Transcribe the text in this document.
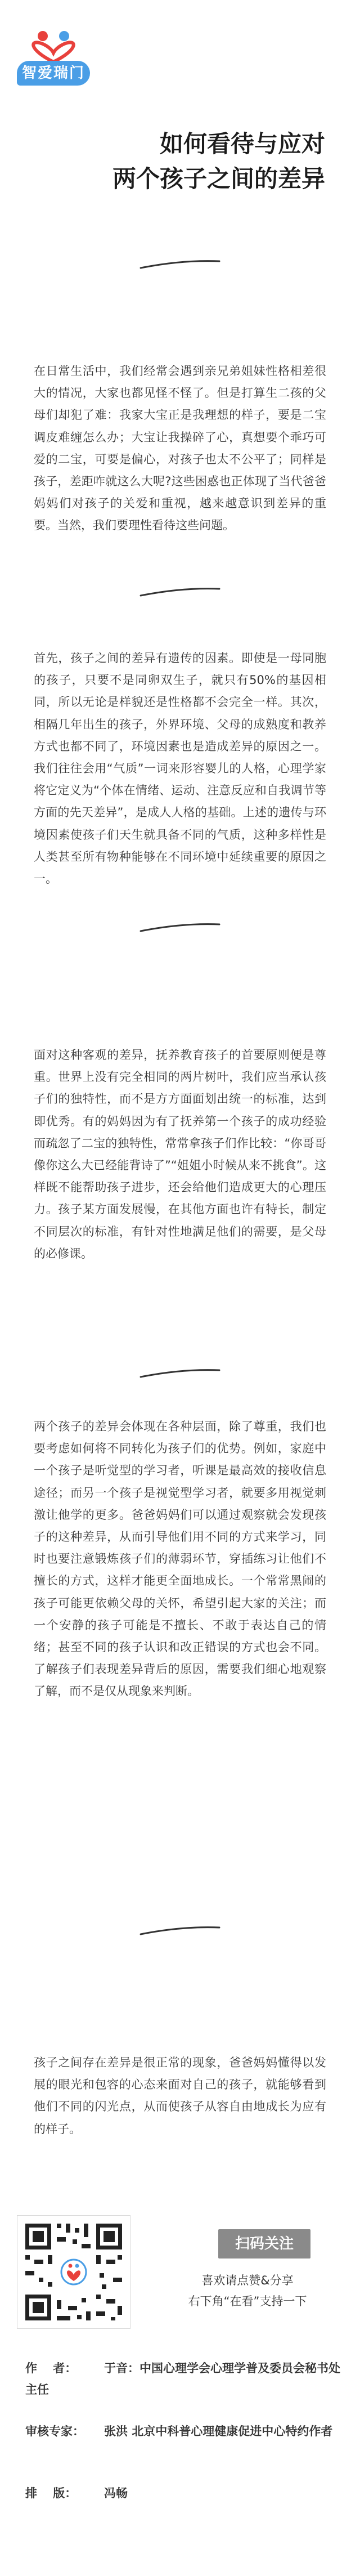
智爱瑞门
如何看待与应对
两个孩子之间的差异

在日常生活中，我们经常会遇到亲兄弟姐妹性格相差很大的情况，大家也都见怪不怪了。但是打算生二孩的父母们却犯了难：我家大宝正是我理想的样子，要是二宝调皮难缠怎么办；大宝让我操碎了心，真想要个乖巧可爱的二宝，可要是偏心，对孩子也太不公平了；同样是孩子，差距咋就这么大呢?这些困惑也正体现了当代爸爸妈妈们对孩子的关爱和重视，越来越意识到差异的重要。当然，我们要理性看待这些问题。

首先，孩子之间的差异有遗传的因素。即使是一母同胞的孩子，只要不是同卵双生子，就只有50%的基因相同，所以无论是样貌还是性格都不会完全一样。其次，相隔几年出生的孩子，外界环境、父母的成熟度和教养方式也都不同了，环境因素也是造成差异的原因之一。我们往往会用“气质”一词来形容婴儿的人格，心理学家将它定义为“个体在情绪、运动、注意反应和自我调节等方面的先天差异”，是成人人格的基础。上述的遗传与环境因素使孩子们天生就具备不同的气质，这种多样性是人类甚至所有物种能够在不同环境中延续重要的原因之一。

面对这种客观的差异，抚养教育孩子的首要原则便是尊重。世界上没有完全相同的两片树叶，我们应当承认孩子们的独特性，而不是方方面面划出统一的标准，达到即优秀。有的妈妈因为有了抚养第一个孩子的成功经验而疏忽了二宝的独特性，常常拿孩子们作比较：“你哥哥像你这么大已经能背诗了”“姐姐小时候从来不挑食”。这样既不能帮助孩子进步，还会给他们造成更大的心理压力。孩子某方面发展慢，在其他方面也许有特长，制定不同层次的标准，有针对性地满足他们的需要，是父母的必修课。

两个孩子的差异会体现在各种层面，除了尊重，我们也要考虑如何将不同转化为孩子们的优势。例如，家庭中一个孩子是听觉型的学习者，听课是最高效的接收信息途径；而另一个孩子是视觉型学习者，就要多用视觉刺激让他学的更多。爸爸妈妈们可以通过观察就会发现孩子的这种差异，从而引导他们用不同的方式来学习，同时也要注意锻炼孩子们的薄弱环节，穿插练习让他们不擅长的方式，这样才能更全面地成长。一个常常黑闹的孩子可能更依赖父母的关怀，希望引起大家的关注；而一个安静的孩子可能是不擅长、不敢于表达自己的情绪；甚至不同的孩子认识和改正错误的方式也会不同。了解孩子们表现差异背后的原因，需要我们细心地观察了解，而不是仅从现象来判断。

孩子之间存在差异是很正常的现象，爸爸妈妈懂得以发展的眼光和包容的心态来面对自己的孩子，就能够看到他们不同的闪光点，从而使孩子从容自由地成长为应有的样子。

扫码关注
喜欢请点赞&分享
右下角“在看”支持一下
作　 者： 于音：中国心理学会心理学普及委员会秘书处主任
审核专家： 张洪 北京中科普心理健康促进中心特约作者
排　 版： 冯畅
